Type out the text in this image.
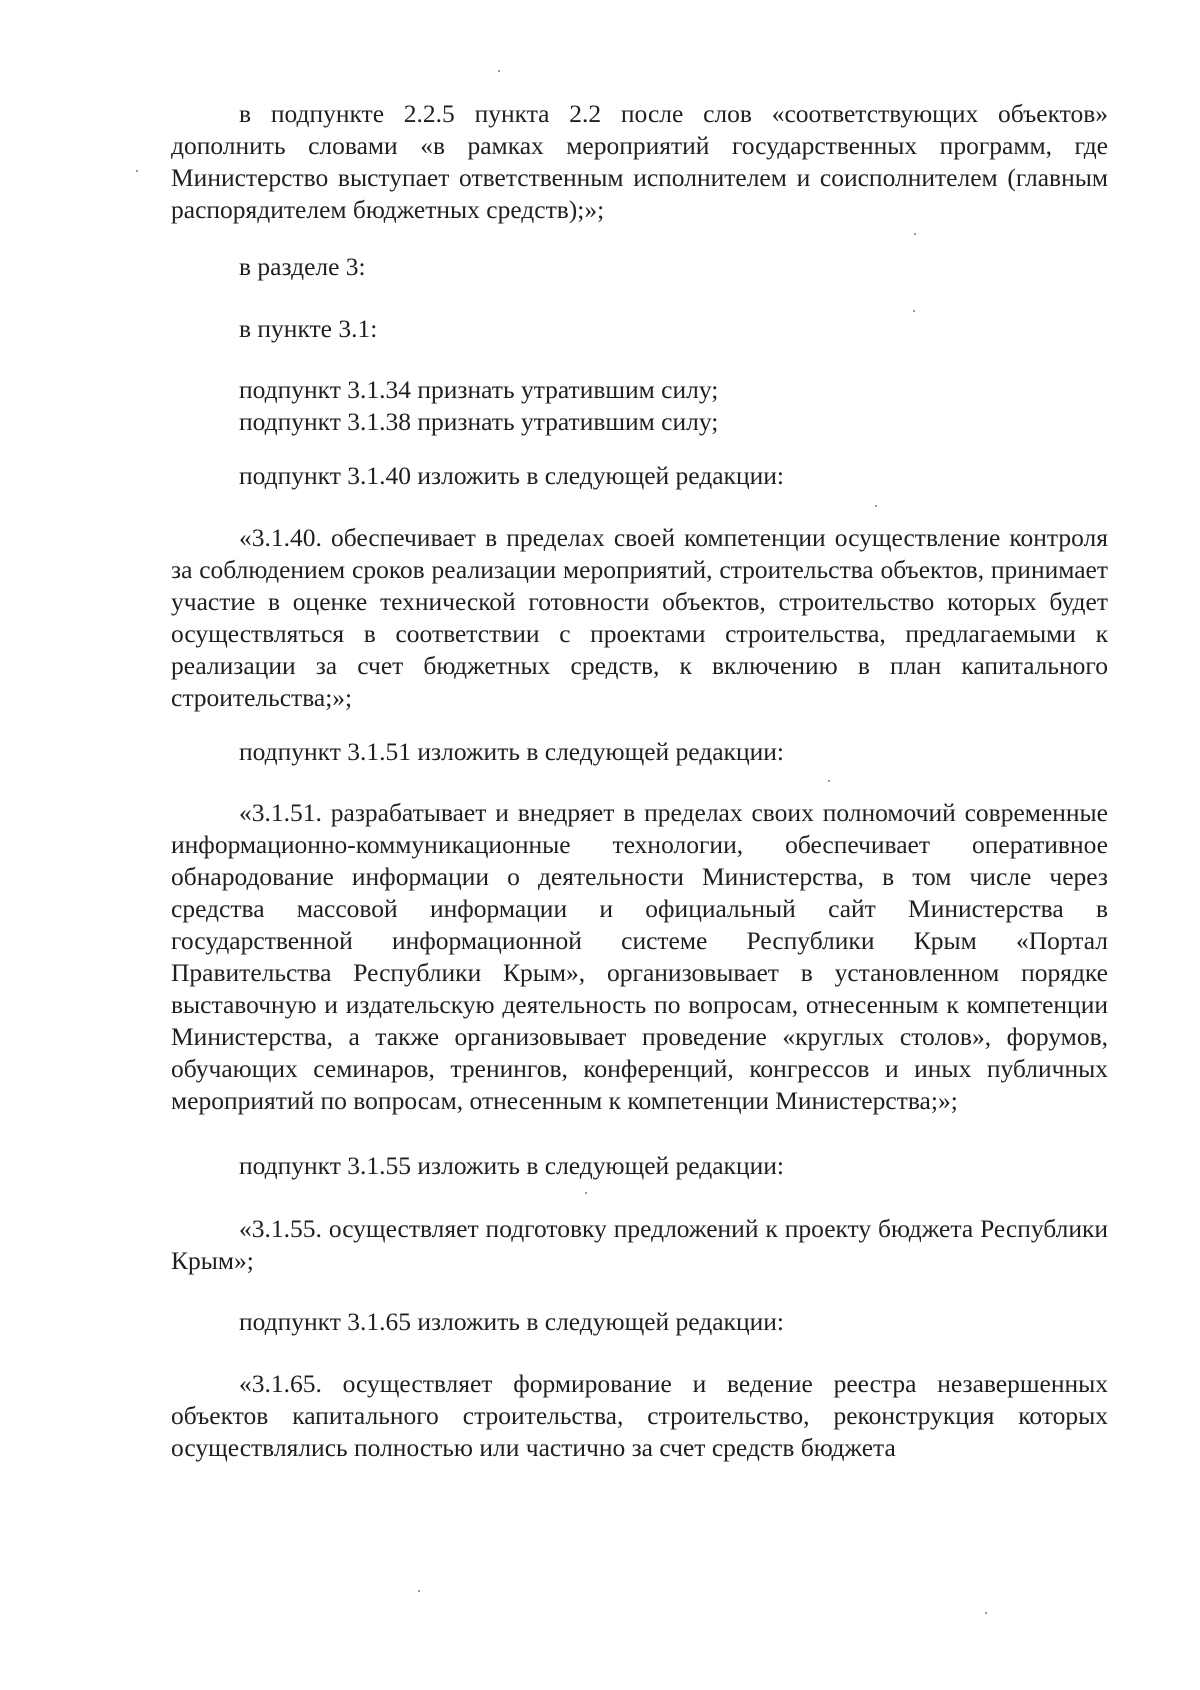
в подпункте 2.2.5 пункта 2.2 после слов «соответствующих объектов» дополнить словами «в рамках мероприятий государственных программ, где Министерство выступает ответственным исполнителем и соисполнителем (главным распорядителем бюджетных средств);»;

в разделе 3:

в пункте 3.1:

подпункт 3.1.34 признать утратившим силу;
подпункт 3.1.38 признать утратившим силу;

подпункт 3.1.40 изложить в следующей редакции:

«3.1.40. обеспечивает в пределах своей компетенции осуществление контроля за соблюдением сроков реализации мероприятий, строительства объектов, принимает участие в оценке технической готовности объектов, строительство которых будет осуществляться в соответствии с проектами строительства, предлагаемыми к реализации за счет бюджетных средств, к включению в план капитального строительства;»;

подпункт 3.1.51 изложить в следующей редакции:

«3.1.51. разрабатывает и внедряет в пределах своих полномочий современные информационно-коммуникационные технологии, обеспечивает оперативное обнародование информации о деятельности Министерства, в том числе через средства массовой информации и официальный сайт Министерства в государственной информационной системе Республики Крым «Портал Правительства Республики Крым», организовывает в установленном порядке выставочную и издательскую деятельность по вопросам, отнесенным к компетенции Министерства, а также организовывает проведение «круглых столов», форумов, обучающих семинаров, тренингов, конференций, конгрессов и иных публичных мероприятий по вопросам, отнесенным к компетенции Министерства;»;

подпункт 3.1.55 изложить в следующей редакции:

«3.1.55. осуществляет подготовку предложений к проекту бюджета Республики Крым»;

подпункт 3.1.65 изложить в следующей редакции:

«3.1.65. осуществляет формирование и ведение реестра незавершенных объектов капитального строительства, строительство, реконструкция которых осуществлялись полностью или частично за счет средств бюджета
